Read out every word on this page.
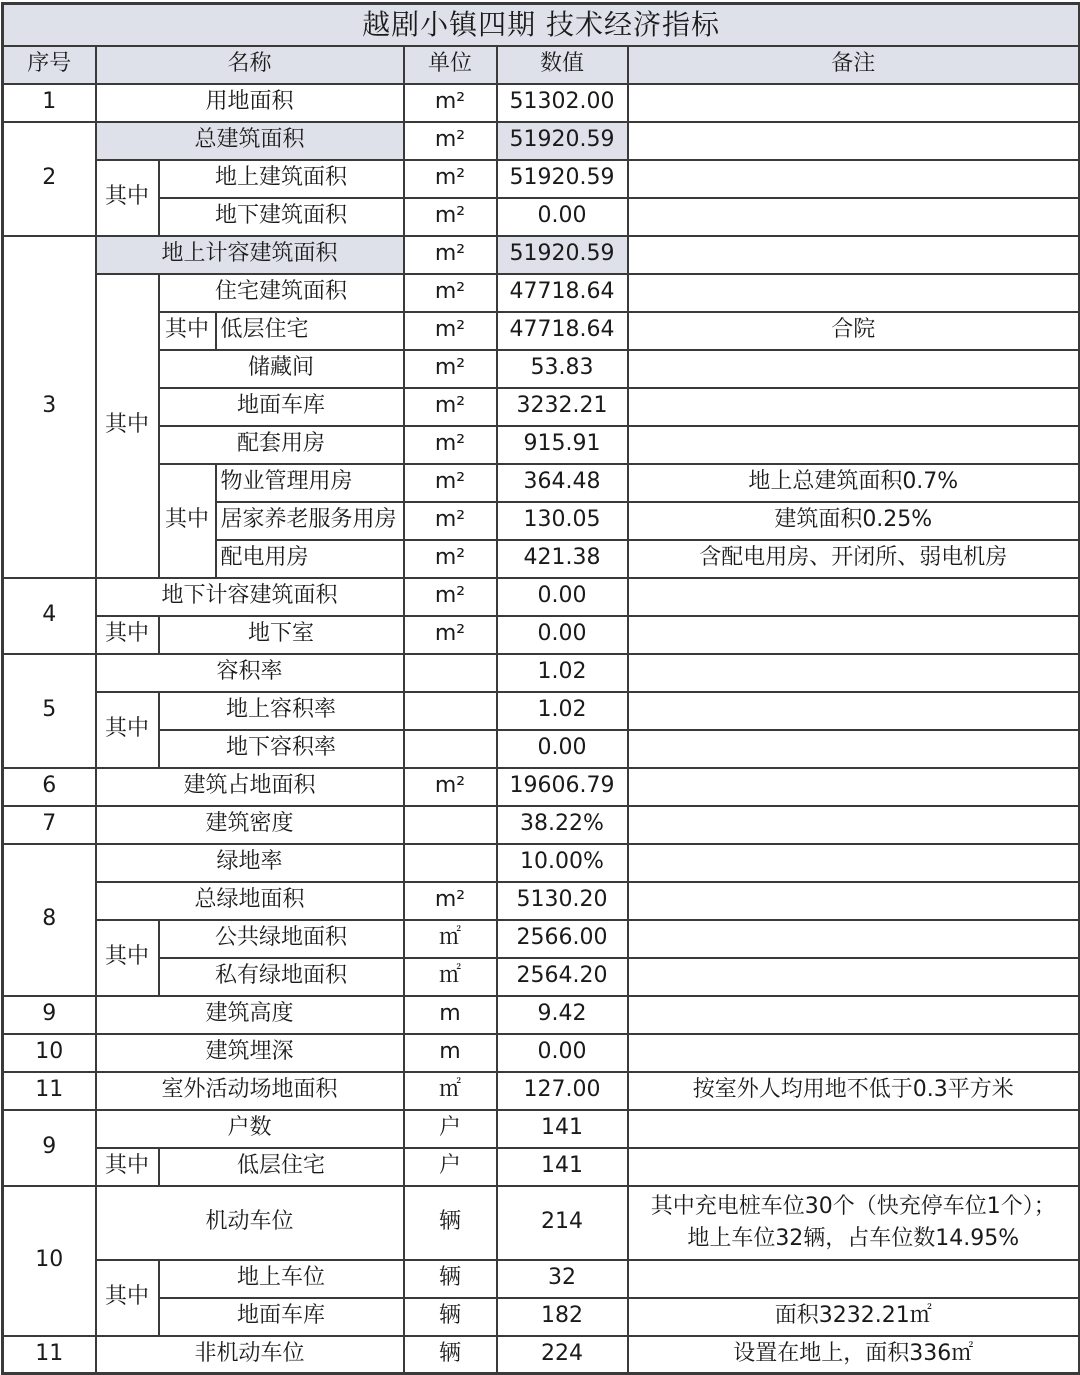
越剧小镇四期 技术经济指标						
序号	名称			单位	数值	备注
1	用地面积			m²	51302.00	
2	总建筑面积			m²	51920.59	
	其中	地上建筑面积		m²	51920.59	
		地下建筑面积		m²	0.00	
3	地上计容建筑面积			m²	51920.59	
	其中	住宅建筑面积		m²	47718.64	
		其中	低层住宅	m²	47718.64	合院
		储藏间		m²	53.83	
		地面车库		m²	3232.21	
		配套用房		m²	915.91	
		其中	物业管理用房	m²	364.48	地上总建筑面积0.7%
			居家养老服务用房	m²	130.05	建筑面积0.25%
			配电用房	m²	421.38	含配电用房、开闭所、弱电机房
4	地下计容建筑面积			m²	0.00	
	其中	地下室		m²	0.00	
5	容积率				1.02	
	其中	地上容积率			1.02	
		地下容积率			0.00	
6	建筑占地面积			m²	19606.79	
7	建筑密度				38.22%	
8	绿地率				10.00%	
	总绿地面积			m²	5130.20	
	其中	公共绿地面积		㎡	2566.00	
		私有绿地面积		㎡	2564.20	
9	建筑高度			m	9.42	
10	建筑埋深			m	0.00	
11	室外活动场地面积			㎡	127.00	按室外人均用地不低于0.3平方米
9	户数			户	141	
	其中	低层住宅		户	141	
10	机动车位			辆	214	其中充电桩车位30个（快充停车位1个）；
地上车位32辆，占车位数14.95%

	其中	地上车位		辆	32	
		地面车库		辆	182	面积3232.21㎡
11	非机动车位			辆	224	设置在地上，面积336㎡
